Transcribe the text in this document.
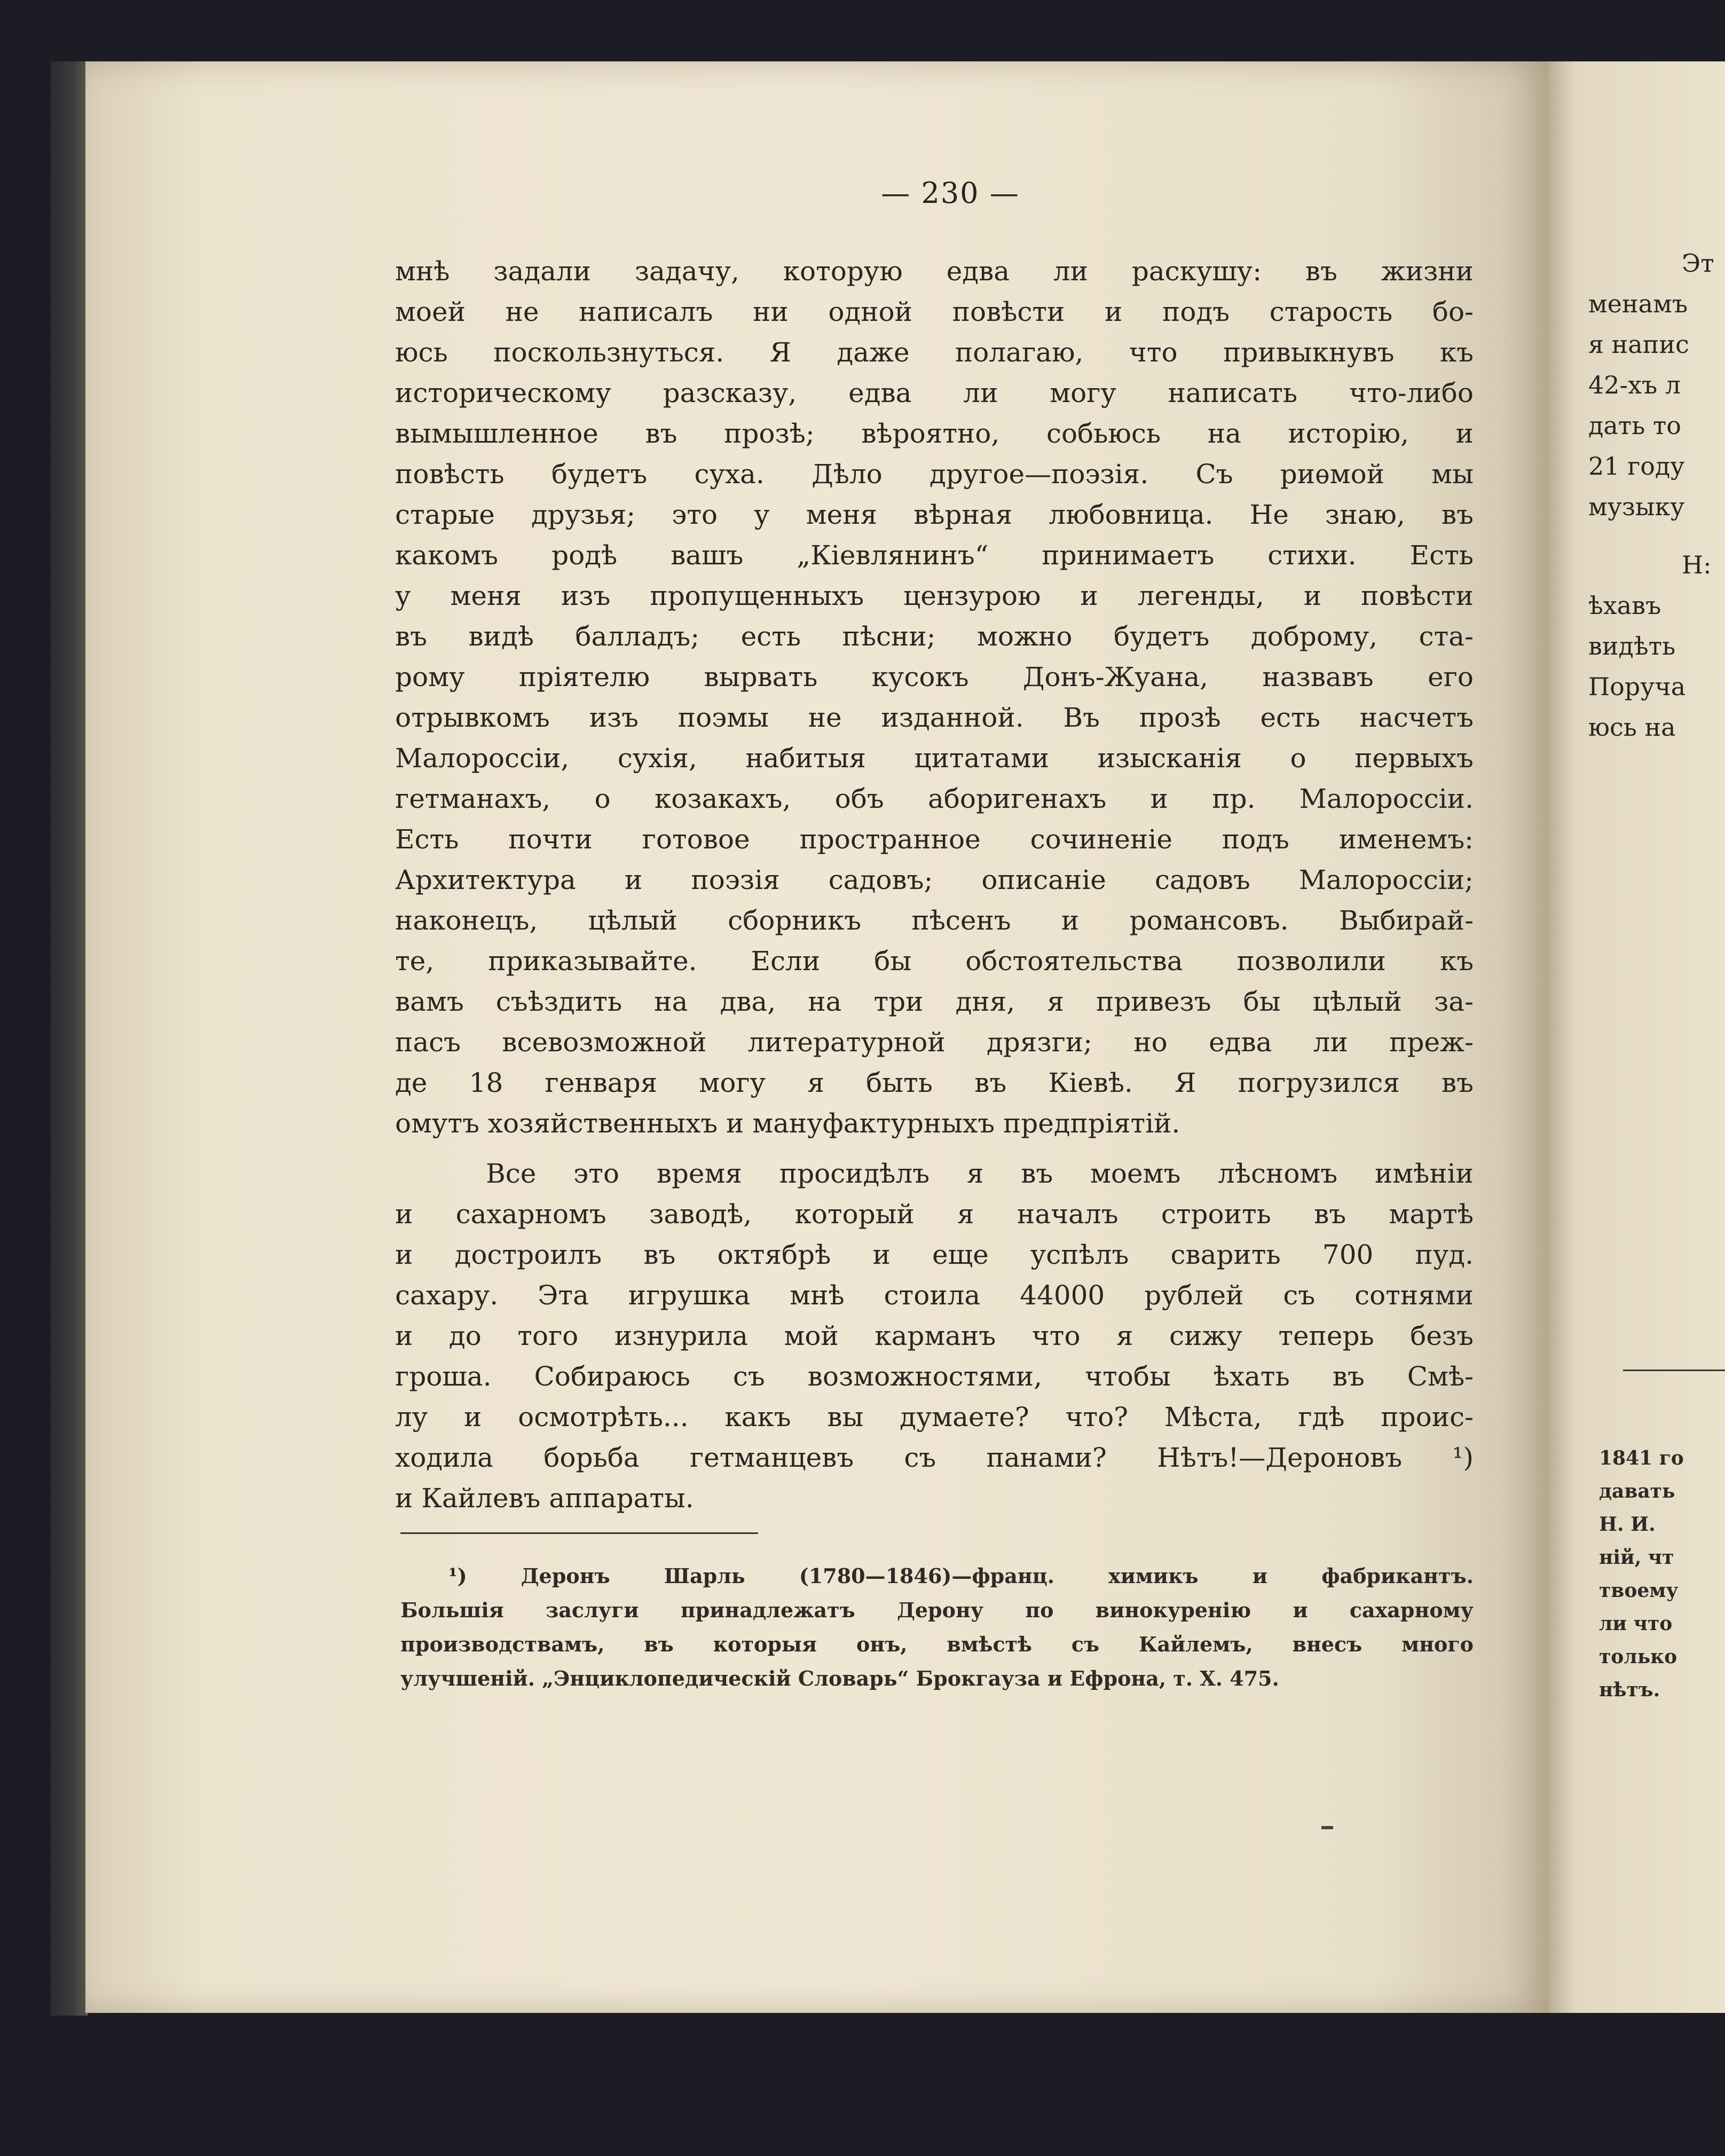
— 230 —
мнѣ задали задачу, которую едва ли раскушу: въ жизни
моей не написалъ ни одной повѣсти и подъ старость бо-
юсь поскользнуться. Я даже полагаю, что привыкнувъ къ
историческому разсказу, едва ли могу написать что-либо
вымышленное въ прозѣ; вѣроятно, собьюсь на исторію, и
повѣсть будетъ суха. Дѣло другое—поэзія. Съ риѳмой мы
старые друзья; это у меня вѣрная любовница. Не знаю, въ
какомъ родѣ вашъ „Кіевлянинъ“ принимаетъ стихи. Есть
у меня изъ пропущенныхъ цензурою и легенды, и повѣсти
въ видѣ балладъ; есть пѣсни; можно будетъ доброму, ста-
рому пріятелю вырвать кусокъ Донъ-Жуана, назвавъ его
отрывкомъ изъ поэмы не изданной. Въ прозѣ есть насчетъ
Малороссіи, сухія, набитыя цитатами изысканія о первыхъ
гетманахъ, о козакахъ, объ аборигенахъ и пр. Малороссіи.
Есть почти готовое пространное сочиненіе подъ именемъ:
Архитектура и поэзія садовъ; описаніе садовъ Малороссіи;
наконецъ, цѣлый сборникъ пѣсенъ и романсовъ. Выбирай-
те, приказывайте. Если бы обстоятельства позволили къ
вамъ съѣздить на два, на три дня, я привезъ бы цѣлый за-
пасъ всевозможной литературной дрязги; но едва ли преж-
де 18 генваря могу я быть въ Кіевѣ. Я погрузился въ
омутъ хозяйственныхъ и мануфактурныхъ предпріятій.
Все это время просидѣлъ я въ моемъ лѣсномъ имѣніи
и сахарномъ заводѣ, который я началъ строить въ мартѣ
и достроилъ въ октябрѣ и еще успѣлъ сварить 700 пуд.
сахару. Эта игрушка мнѣ стоила 44000 рублей съ сотнями
и до того изнурила мой карманъ что я сижу теперь безъ
гроша. Собираюсь съ возможностями, чтобы ѣхать въ Смѣ-
лу и осмотрѣть... какъ вы думаете? что? Мѣста, гдѣ проис-
ходила борьба гетманцевъ съ панами? Нѣтъ!—Дероновъ ¹)
и Кайлевъ аппараты.
¹) Деронъ Шарль (1780—1846)—франц. химикъ и фабрикантъ.
Большія заслуги принадлежатъ Дерону по винокуренію и сахарному
производствамъ, въ которыя онъ, вмѣстѣ съ Кайлемъ, внесъ много
улучшеній. „Энциклопедическій Словарь“ Брокгауза и Ефрона, т. X. 475.
Эт
менамъ
я напис
42-хъ л
дать то
21 году
музыку
Н:
ѣхавъ
видѣть
Поруча
юсь на
1841 го
давать
Н. И.
ній, чт
твоему
ли что
только
нѣтъ.
